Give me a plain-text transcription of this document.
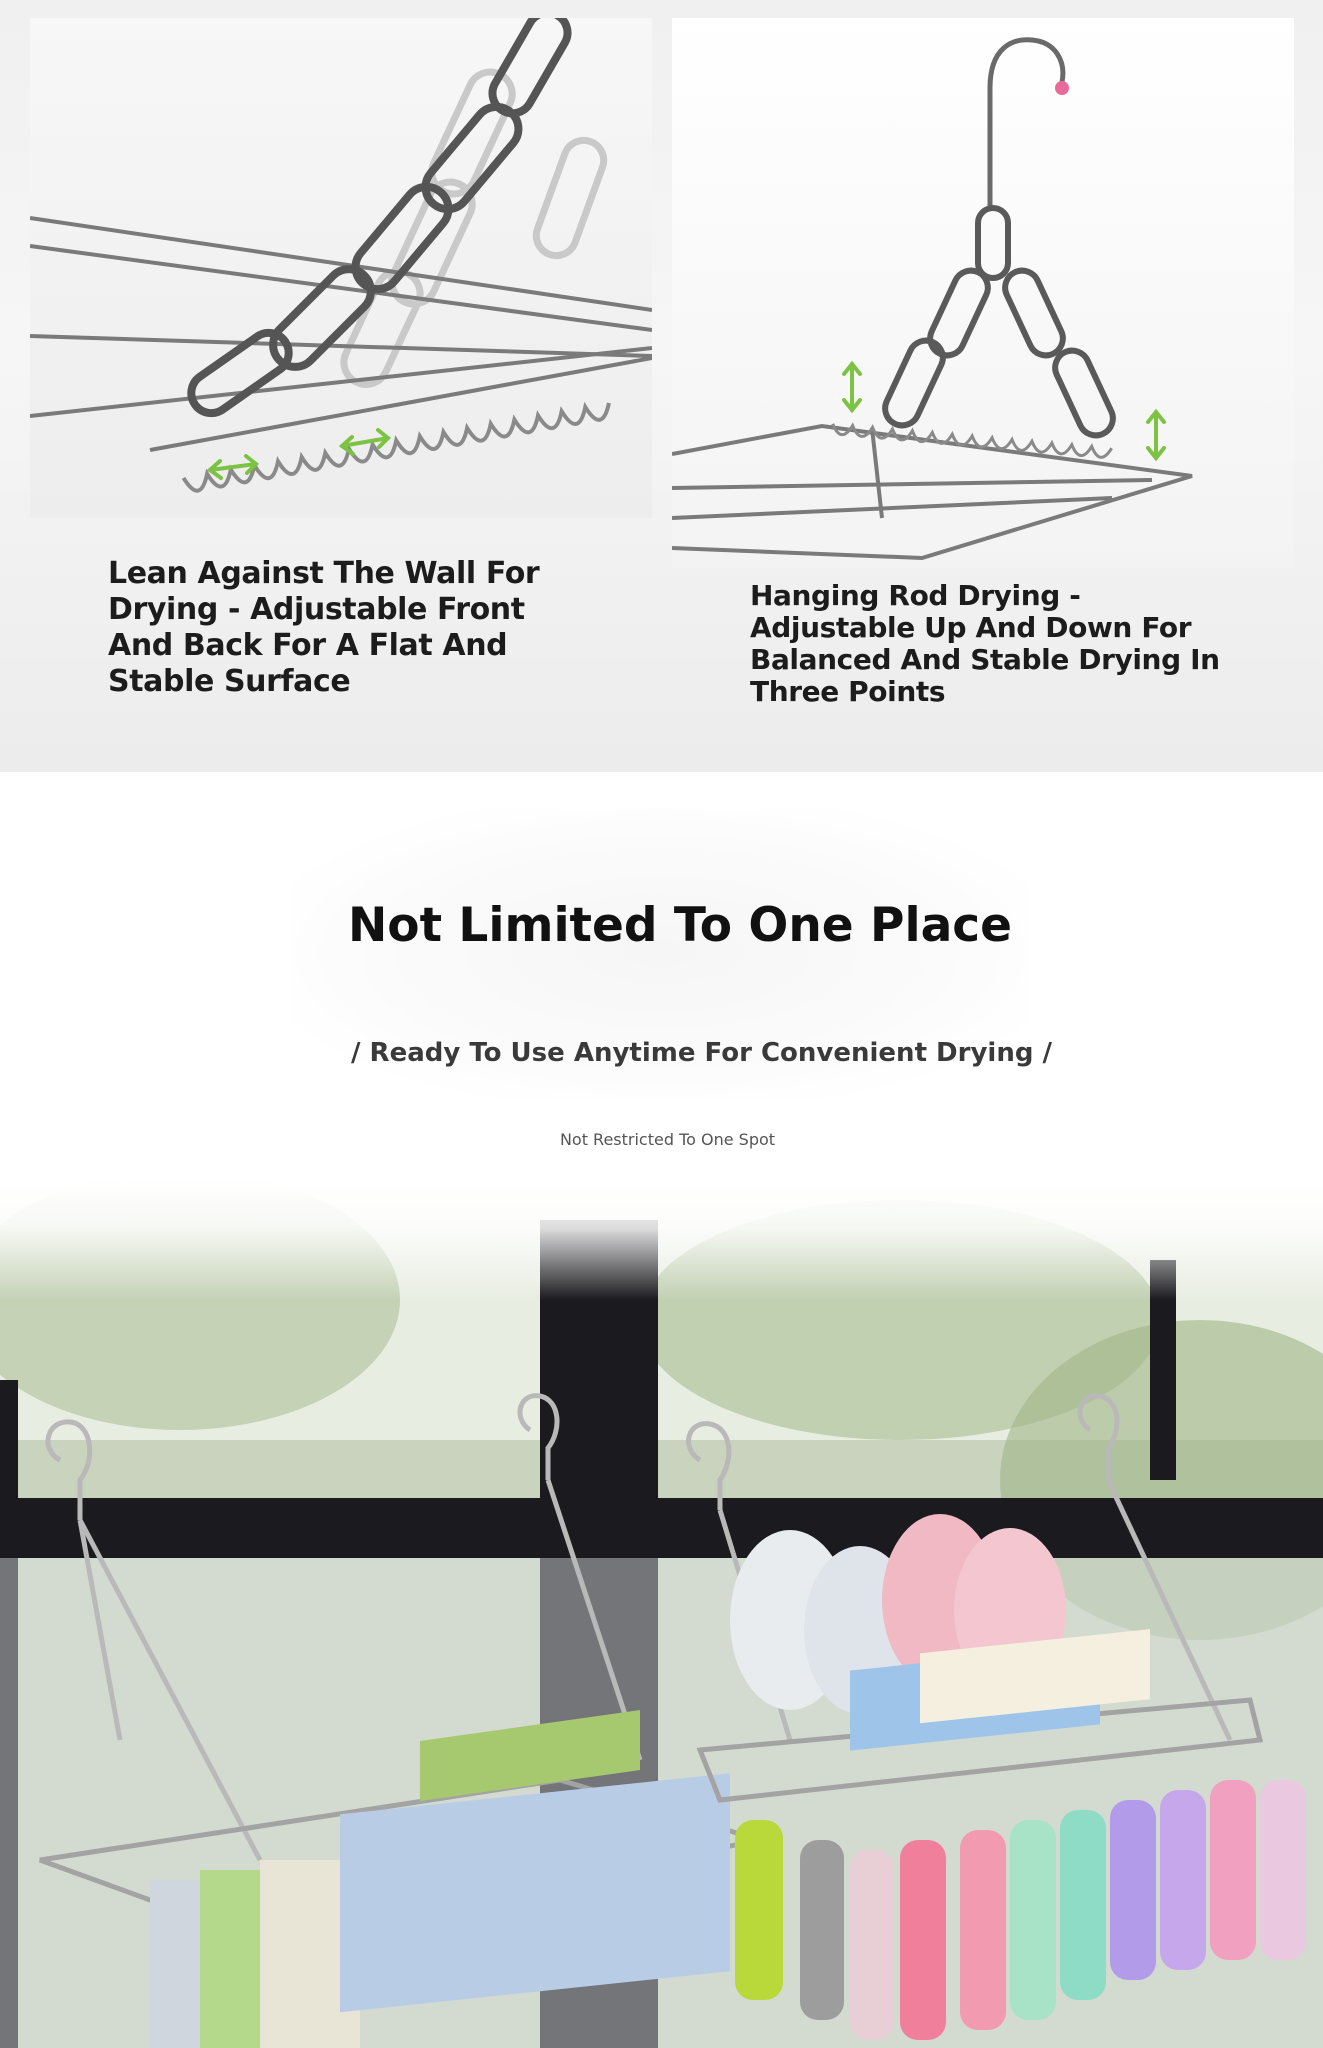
Lean Against The Wall For Drying - Adjustable Front And Back For A Flat And Stable Surface

Hanging Rod Drying - Adjustable Up And Down For Balanced And Stable Drying In Three Points

Not Limited To One Place
/ Ready To Use Anytime For Convenient Drying /

Not Restricted To One Spot
